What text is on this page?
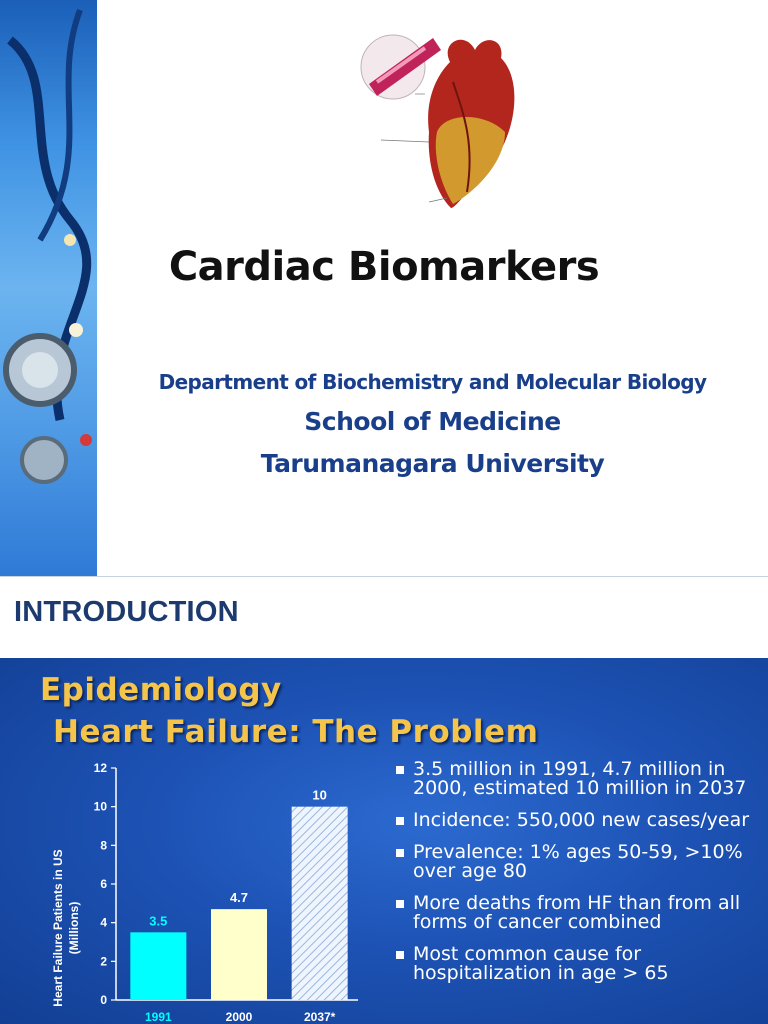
Cardiac Biomarkers
Department of Biochemistry and Molecular Biology
School of Medicine
Tarumanagara University
INTRODUCTION
Epidemiology
Heart Failure: The Problem
Heart Failure Patients in US (Millions)
0
2
4
6
8
10
12
3.5
1991
4.7
2000
10
2037*
3.5 million in 1991, 4.7 million in 2000, estimated 10 million in 2037
Incidence: 550,000 new cases/year
Prevalence: 1% ages 50-59, >10% over age 80
More deaths from HF than from all forms of cancer combined
Most common cause for hospitalization in age > 65
